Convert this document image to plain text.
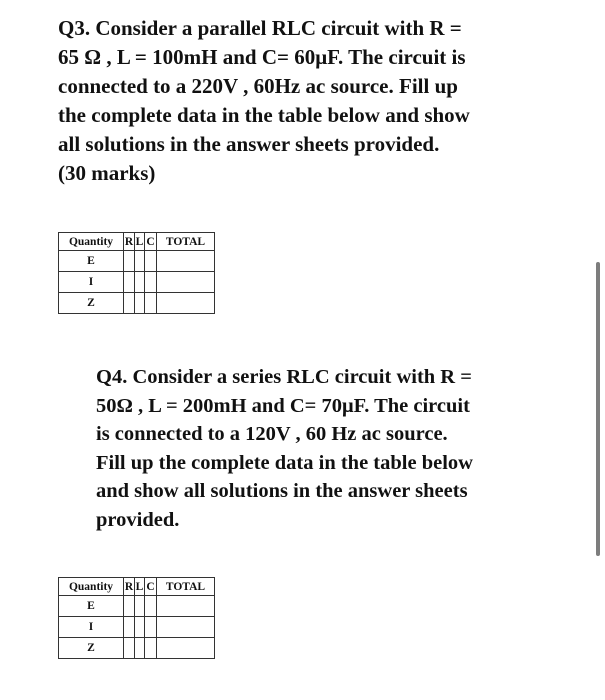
Q3. Consider a parallel RLC circuit with R =
65 Ω , L = 100mH and C= 60μF. The circuit is
connected to a 220V , 60Hz ac source. Fill up
the complete data in the table below and show
all solutions in the answer sheets provided.
(30 marks)
Quantity	R	L	C	TOTAL
E				
I				
Z				
Q4. Consider a series RLC circuit with R =
50Ω , L = 200mH and C= 70μF. The circuit
is connected to a 120V , 60 Hz ac source.
Fill up the complete data in the table below
and show all solutions in the answer sheets
provided.
Quantity	R	L	C	TOTAL
E				
I				
Z				
